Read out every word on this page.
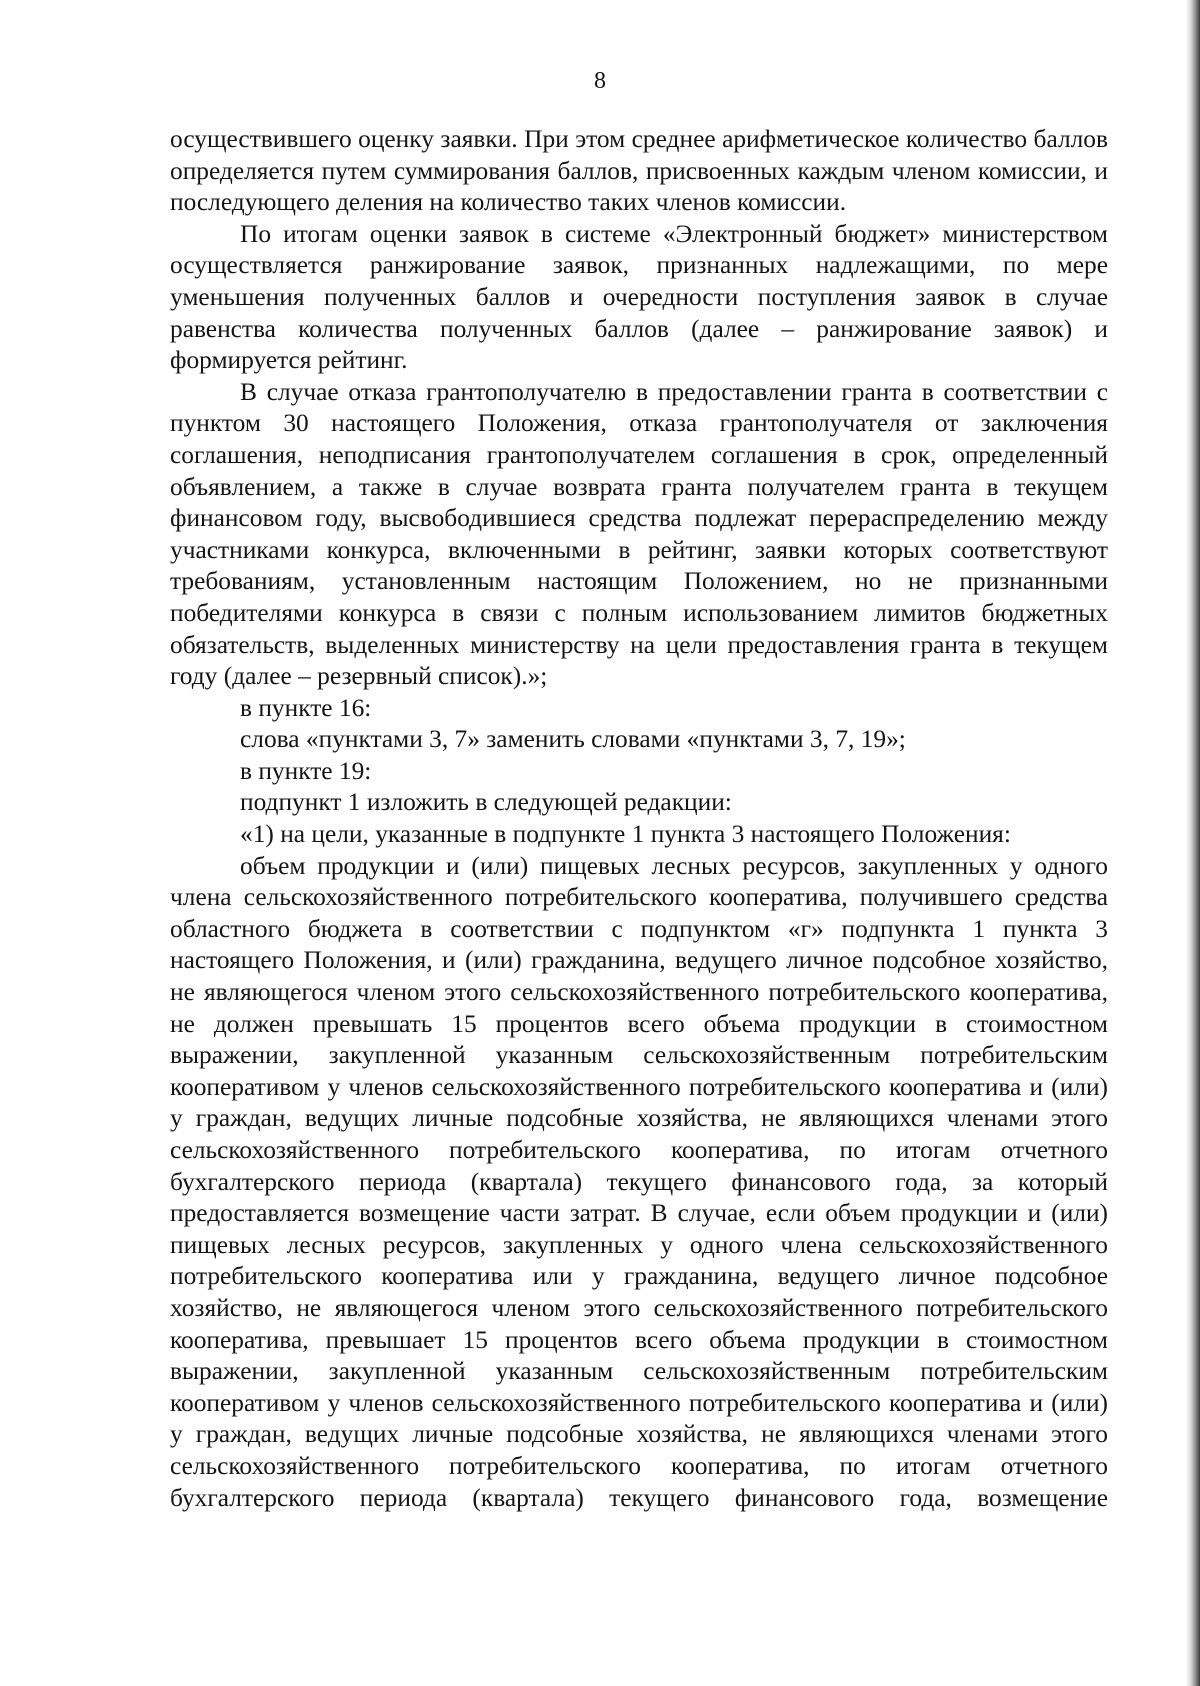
8

осуществившего оценку заявки. При этом среднее арифметическое количество баллов определяется путем суммирования баллов, присвоенных каждым членом комиссии, и последующего деления на количество таких членов комиссии.

По итогам оценки заявок в системе «Электронный бюджет» министерством осуществляется ранжирование заявок, признанных надлежащими, по мере уменьшения полученных баллов и очередности поступления заявок в случае равенства количества полученных баллов (далее – ранжирование заявок) и формируется рейтинг.

В случае отказа грантополучателю в предоставлении гранта в соответствии с пунктом 30 настоящего Положения, отказа грантополучателя от заключения соглашения, неподписания грантополучателем соглашения в срок, определенный объявлением, а также в случае возврата гранта получателем гранта в текущем финансовом году, высвободившиеся средства подлежат перераспределению между участниками конкурса, включенными в рейтинг, заявки которых соответствуют требованиям, установленным настоящим Положением, но не признанными победителями конкурса в связи с полным использованием лимитов бюджетных обязательств, выделенных министерству на цели предоставления гранта в текущем году (далее – резервный список).»;

в пункте 16:

слова «пунктами 3, 7» заменить словами «пунктами 3, 7, 19»;

в пункте 19:

подпункт 1 изложить в следующей редакции:

«1) на цели, указанные в подпункте 1 пункта 3 настоящего Положения:

объем продукции и (или) пищевых лесных ресурсов, закупленных у одного члена сельскохозяйственного потребительского кооператива, получившего средства областного бюджета в соответствии с подпунктом «г» подпункта 1 пункта 3 настоящего Положения, и (или) гражданина, ведущего личное подсобное хозяйство, не являющегося членом этого сельскохозяйственного потребительского кооператива, не должен превышать 15 процентов всего объема продукции в стоимостном выражении, закупленной указанным сельскохозяйственным потребительским кооперативом у членов сельскохозяйственного потребительского кооператива и (или) у граждан, ведущих личные подсобные хозяйства, не являющихся членами этого сельскохозяйственного потребительского кооператива, по итогам отчетного бухгалтерского периода (квартала) текущего финансового года, за который предоставляется возмещение части затрат. В случае, если объем продукции и (или) пищевых лесных ресурсов, закупленных у одного члена сельскохозяйственного потребительского кооператива или у гражданина, ведущего личное подсобное хозяйство, не являющегося членом этого сельскохозяйственного потребительского кооператива, превышает 15 процентов всего объема продукции в стоимостном выражении, закупленной указанным сельскохозяйственным потребительским кооперативом у членов сельскохозяйственного потребительского кооператива и (или) у граждан, ведущих личные подсобные хозяйства, не являющихся членами этого сельскохозяйственного потребительского кооператива, по итогам отчетного бухгалтерского периода (квартала) текущего финансового года, возмещение
